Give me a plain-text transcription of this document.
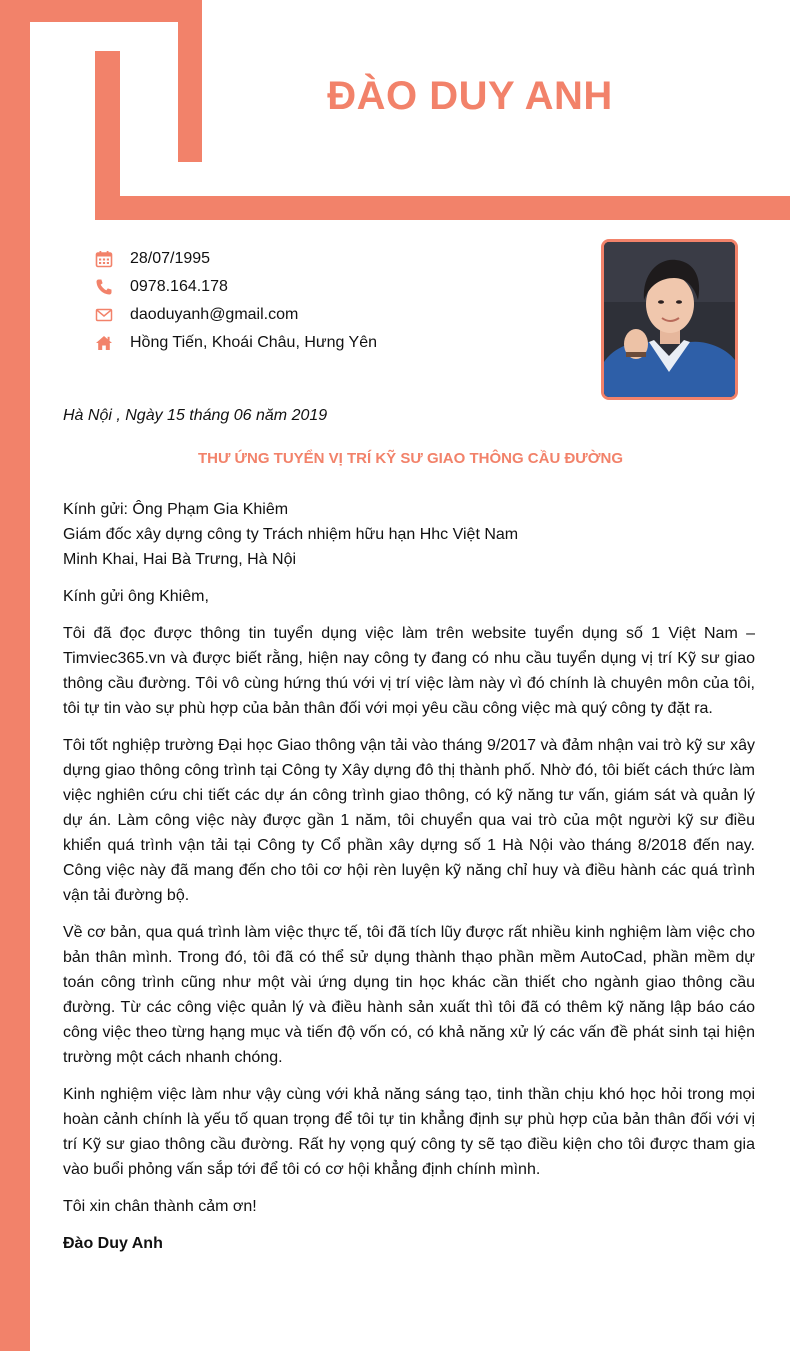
ĐÀO DUY ANH
28/07/1995
0978.164.178
daoduyanh@gmail.com
Hồng Tiến, Khoái Châu, Hưng Yên

Hà Nội , Ngày 15 tháng 06 năm 2019

THƯ ỨNG TUYỂN VỊ TRÍ KỸ SƯ GIAO THÔNG CẦU ĐƯỜNG

Kính gửi: Ông Phạm Gia Khiêm
Giám đốc xây dựng công ty Trách nhiệm hữu hạn Hhc Việt Nam
Minh Khai, Hai Bà Trưng, Hà Nội

Kính gửi ông Khiêm,

Tôi đã đọc được thông tin tuyển dụng việc làm trên website tuyển dụng số 1 Việt Nam – Timviec365.vn và được biết rằng, hiện nay công ty đang có nhu cầu tuyển dụng vị trí Kỹ sư giao thông cầu đường. Tôi vô cùng hứng thú với vị trí việc làm này vì đó chính là chuyên môn của tôi, tôi tự tin vào sự phù hợp của bản thân đối với mọi yêu cầu công việc mà quý công ty đặt ra.

Tôi tốt nghiệp trường Đại học Giao thông vận tải vào tháng 9/2017 và đảm nhận vai trò kỹ sư xây dựng giao thông công trình tại Công ty Xây dựng đô thị thành phố. Nhờ đó, tôi biết cách thức làm việc nghiên cứu chi tiết các dự án công trình giao thông, có kỹ năng tư vấn, giám sát và quản lý dự án. Làm công việc này được gần 1 năm, tôi chuyển qua vai trò của một người kỹ sư điều khiển quá trình vận tải tại Công ty Cổ phần xây dựng số 1 Hà Nội vào tháng 8/2018 đến nay. Công việc này đã mang đến cho tôi cơ hội rèn luyện kỹ năng chỉ huy và điều hành các quá trình vận tải đường bộ.

Về cơ bản, qua quá trình làm việc thực tế, tôi đã tích lũy được rất nhiều kinh nghiệm làm việc cho bản thân mình. Trong đó, tôi đã có thể sử dụng thành thạo phần mềm AutoCad, phần mềm dự toán công trình cũng như một vài ứng dụng tin học khác cần thiết cho ngành giao thông cầu đường. Từ các công việc quản lý và điều hành sản xuất thì tôi đã có thêm kỹ năng lập báo cáo công việc theo từng hạng mục và tiến độ vốn có, có khả năng xử lý các vấn đề phát sinh tại hiện trường một cách nhanh chóng.

Kinh nghiệm việc làm như vậy cùng với khả năng sáng tạo, tinh thần chịu khó học hỏi trong mọi hoàn cảnh chính là yếu tố quan trọng để tôi tự tin khẳng định sự phù hợp của bản thân đối với vị trí Kỹ sư giao thông cầu đường. Rất hy vọng quý công ty sẽ tạo điều kiện cho tôi được tham gia vào buổi phỏng vấn sắp tới để tôi có cơ hội khẳng định chính mình.

Tôi xin chân thành cảm ơn!

Đào Duy Anh
